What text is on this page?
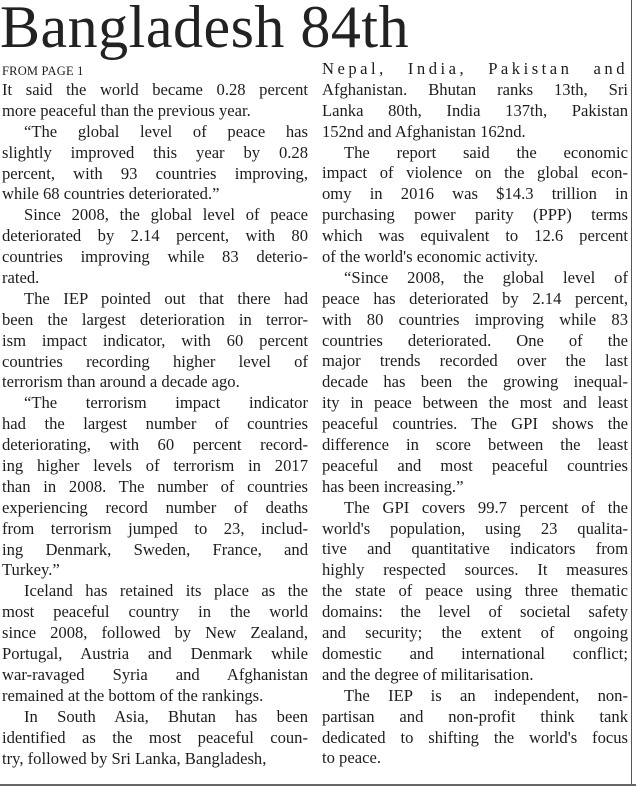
Bangladesh 84th
FROM PAGE 1
It said the world became 0.28 percent
more peaceful than the previous year.
“The global level of peace has
slightly improved this year by 0.28
percent, with 93 countries improving,
while 68 countries deteriorated.”
Since 2008, the global level of peace
deteriorated by 2.14 percent, with 80
countries improving while 83 deterio-
rated.
The IEP pointed out that there had
been the largest deterioration in terror-
ism impact indicator, with 60 percent
countries recording higher level of
terrorism than around a decade ago.
“The terrorism impact indicator
had the largest number of countries
deteriorating, with 60 percent record-
ing higher levels of terrorism in 2017
than in 2008. The number of countries
experiencing record number of deaths
from terrorism jumped to 23, includ-
ing Denmark, Sweden, France, and
Turkey.”
Iceland has retained its place as the
most peaceful country in the world
since 2008, followed by New Zealand,
Portugal, Austria and Denmark while
war-ravaged Syria and Afghanistan
remained at the bottom of the rankings.
In South Asia, Bhutan has been
identified as the most peaceful coun-
try, followed by Sri Lanka, Bangladesh,
Nepal, India, Pakistan and
Afghanistan. Bhutan ranks 13th, Sri
Lanka 80th, India 137th, Pakistan
152nd and Afghanistan 162nd.
The report said the economic
impact of violence on the global econ-
omy in 2016 was $14.3 trillion in
purchasing power parity (PPP) terms
which was equivalent to 12.6 percent
of the world's economic activity.
“Since 2008, the global level of
peace has deteriorated by 2.14 percent,
with 80 countries improving while 83
countries deteriorated. One of the
major trends recorded over the last
decade has been the growing inequal-
ity in peace between the most and least
peaceful countries. The GPI shows the
difference in score between the least
peaceful and most peaceful countries
has been increasing.”
The GPI covers 99.7 percent of the
world's population, using 23 qualita-
tive and quantitative indicators from
highly respected sources. It measures
the state of peace using three thematic
domains: the level of societal safety
and security; the extent of ongoing
domestic and international conflict;
and the degree of militarisation.
The IEP is an independent, non-
partisan and non-profit think tank
dedicated to shifting the world's focus
to peace.
